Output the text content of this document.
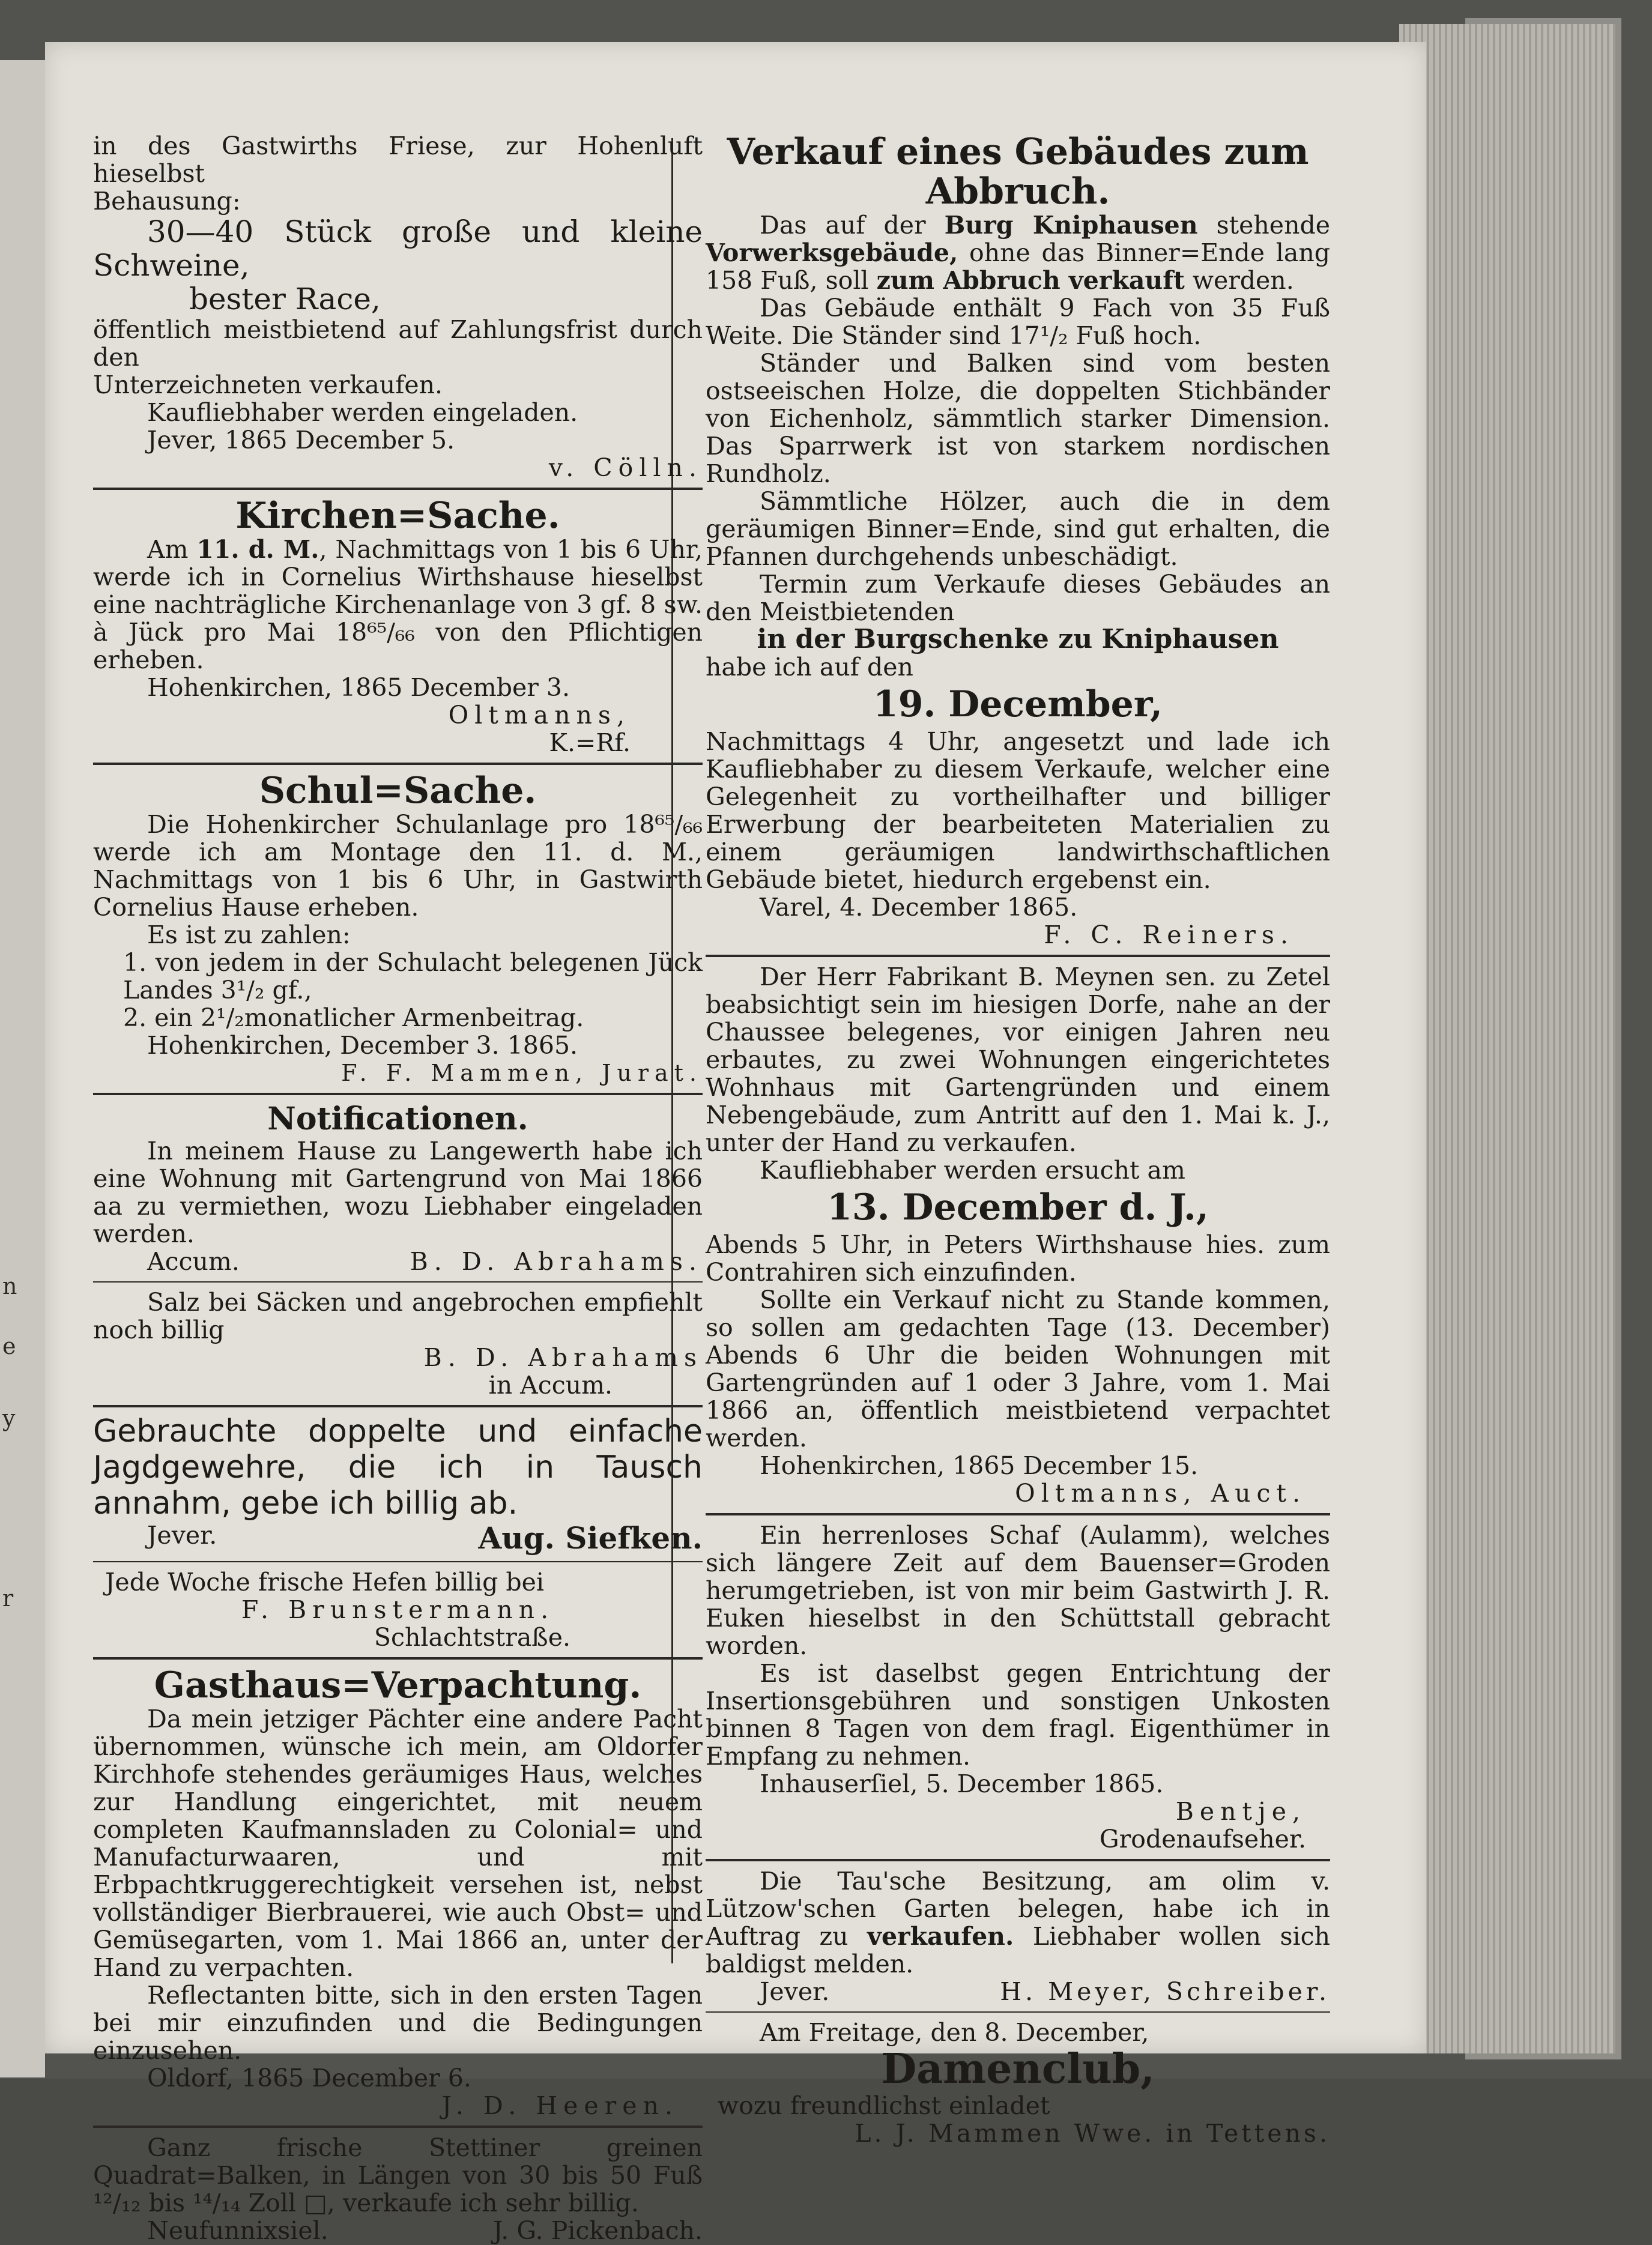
n
e
y
r

in des Gastwirths Friese, zur Hohenluft hieselbst

Behausung:

30—40 Stück große und kleine Schweine,

bester Race,

öffentlich meistbietend auf Zahlungsfrist durch den

Unterzeichneten verkaufen.

Kaufliebhaber werden eingeladen.

Jever, 1865 December 5.

v. Cölln.

Kirchen=Sache.

Am 11. d. M., Nachmittags von 1 bis 6 Uhr, werde ich in Cornelius Wirthshause hieselbst eine nachträgliche Kirchenanlage von 3 gf. 8 sw. à Jück pro Mai 18⁶⁵/₆₆ von den Pflichtigen erheben.

Hohenkirchen, 1865 December 3.

Oltmanns,

K.=Rf.

Schul=Sache.

Die Hohenkircher Schulanlage pro 18⁶⁵/₆₆ werde ich am Montage den 11. d. M., Nachmittags von 1 bis 6 Uhr, in Gastwirth Cornelius Hause erheben.

Es ist zu zahlen:

1. von jedem in der Schulacht belegenen Jück Landes 3¹/₂ gf.,

2. ein 2¹/₂monatlicher Armenbeitrag.

Hohenkirchen, December 3. 1865.

F. F. Mammen, Jurat.

Notificationen.

In meinem Hause zu Langewerth habe ich eine Wohnung mit Gartengrund von Mai 1866 aa zu vermiethen, wozu Liebhaber eingeladen werden.

Accum.	B. D. Abrahams.

Salz bei Säcken und angebrochen empfiehlt noch billig

B. D. Abrahams

in Accum.

Gebrauchte doppelte und einfache Jagdgewehre, die ich in Tausch annahm, gebe ich billig ab.

Jever.	Aug. Siefken.

Jede Woche frische Hefen billig bei

F. Brunstermann.

Schlachtstraße.

Gasthaus=Verpachtung.

Da mein jetziger Pächter eine andere Pacht übernommen, wünsche ich mein, am Oldorfer Kirchhofe stehendes geräumiges Haus, welches zur Handlung eingerichtet, mit neuem completen Kaufmannsladen zu Colonial= und Manufacturwaaren, und mit Erbpachtkruggerechtigkeit versehen ist, nebst vollständiger Bierbrauerei, wie auch Obst= und Gemüsegarten, vom 1. Mai 1866 an, unter der Hand zu verpachten.

Reflectanten bitte, sich in den ersten Tagen bei mir einzufinden und die Bedingungen einzusehen.

Oldorf, 1865 December 6.

J. D. Heeren.

Ganz frische Stettiner greinen Quadrat=Balken, in Längen von 30 bis 50 Fuß ¹²/₁₂ bis ¹⁴/₁₄ Zoll □, verkaufe ich sehr billig.

Neufunnixsiel.	J. G. Pickenbach.

Verkauf eines Gebäudes zum Abbruch.

Das auf der Burg Kniphausen stehende Vorwerksgebäude, ohne das Binner=Ende lang 158 Fuß, soll zum Abbruch verkauft werden.

Das Gebäude enthält 9 Fach von 35 Fuß Weite. Die Ständer sind 17¹/₂ Fuß hoch.

Ständer und Balken sind vom besten ostseeischen Holze, die doppelten Stichbänder von Eichenholz, sämmtlich starker Dimension. Das Sparrwerk ist von starkem nordischen Rundholz.

Sämmtliche Hölzer, auch die in dem geräumigen Binner=Ende, sind gut erhalten, die Pfannen durchgehends unbeschädigt.

Termin zum Verkaufe dieses Gebäudes an den Meistbietenden

in der Burgschenke zu Kniphausen

habe ich auf den

19. December,

Nachmittags 4 Uhr, angesetzt und lade ich Kaufliebhaber zu diesem Verkaufe, welcher eine Gelegenheit zu vortheilhafter und billiger Erwerbung der bearbeiteten Materialien zu einem geräumigen landwirthschaftlichen Gebäude bietet, hiedurch ergebenst ein.

Varel, 4. December 1865.

F. C. Reiners.

Der Herr Fabrikant B. Meynen sen. zu Zetel beabsichtigt sein im hiesigen Dorfe, nahe an der Chaussee belegenes, vor einigen Jahren neu erbautes, zu zwei Wohnungen eingerichtetes Wohnhaus mit Gartengründen und einem Nebengebäude, zum Antritt auf den 1. Mai k. J., unter der Hand zu verkaufen.

Kaufliebhaber werden ersucht am

13. December d. J.,

Abends 5 Uhr, in Peters Wirthshause hies. zum Contrahiren sich einzufinden.

Sollte ein Verkauf nicht zu Stande kommen, so sollen am gedachten Tage (13. December) Abends 6 Uhr die beiden Wohnungen mit Gartengründen auf 1 oder 3 Jahre, vom 1. Mai 1866 an, öffentlich meistbietend verpachtet werden.

Hohenkirchen, 1865 December 15.

Oltmanns, Auct.

Ein herrenloses Schaf (Aulamm), welches sich längere Zeit auf dem Bauenser=Groden herumgetrieben, ist von mir beim Gastwirth J. R. Euken hieselbst in den Schüttstall gebracht worden.

Es ist daselbst gegen Entrichtung der Insertionsgebühren und sonstigen Unkosten binnen 8 Tagen von dem fragl. Eigenthümer in Empfang zu nehmen.

Inhauserſiel, 5. December 1865.

Bentje,

Grodenaufseher.

Die Tau'sche Besitzung, am olim v. Lützow'schen Garten belegen, habe ich in Auftrag zu verkaufen. Liebhaber wollen sich baldigst melden.

Jever.	H. Meyer, Schreiber.

Am Freitage, den 8. December,

Damenclub,

wozu freundlichst einladet

L. J. Mammen Wwe. in Tettens.
